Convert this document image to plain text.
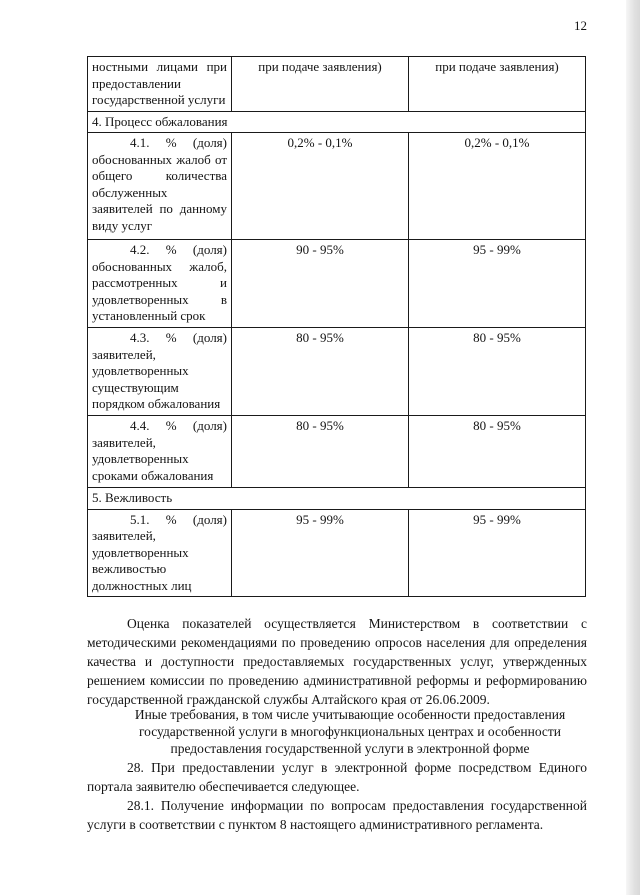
12
ностными лицами при предоставлении государственной услуги	при подаче заявления)	при подаче заявления)
4. Процесс обжалования		

4.1. % (доля) обоснованных жалоб от общего количества обслуженных заявителей по данному виду услуг	0,2% - 0,1%	0,2% - 0,1%

4.2. % (доля) обоснованных жалоб, рассмотренных и удовлетворенных в установленный срок	90 - 95%	95 - 99%

4.3. % (доля) заявителей, удовлетворенных существующим порядком обжалования	80 - 95%	80 - 95%

4.4. % (доля) заявителей, удовлетворенных сроками обжалования	80 - 95%	80 - 95%
5. Вежливость		

5.1. % (доля) заявителей, удовлетворенных вежливостью должностных лиц	95 - 99%	95 - 99%

Оценка показателей осуществляется Министерством в соответствии с методическими рекомендациями по проведению опросов населения для определения качества и доступности предоставляемых государственных услуг, утвержденных решением комиссии по проведению административной реформы и реформированию государственной гражданской службы Алтайского края от 26.06.2009.

Иные требования, в том числе учитывающие особенности предоставления государственной услуги в многофункциональных центрах и особенности предоставления государственной услуги в электронной форме

28. При предоставлении услуг в электронной форме посредством Единого портала заявителю обеспечивается следующее.

28.1. Получение информации по вопросам предоставления государственной услуги в соответствии с пунктом 8 настоящего административного регламента.
